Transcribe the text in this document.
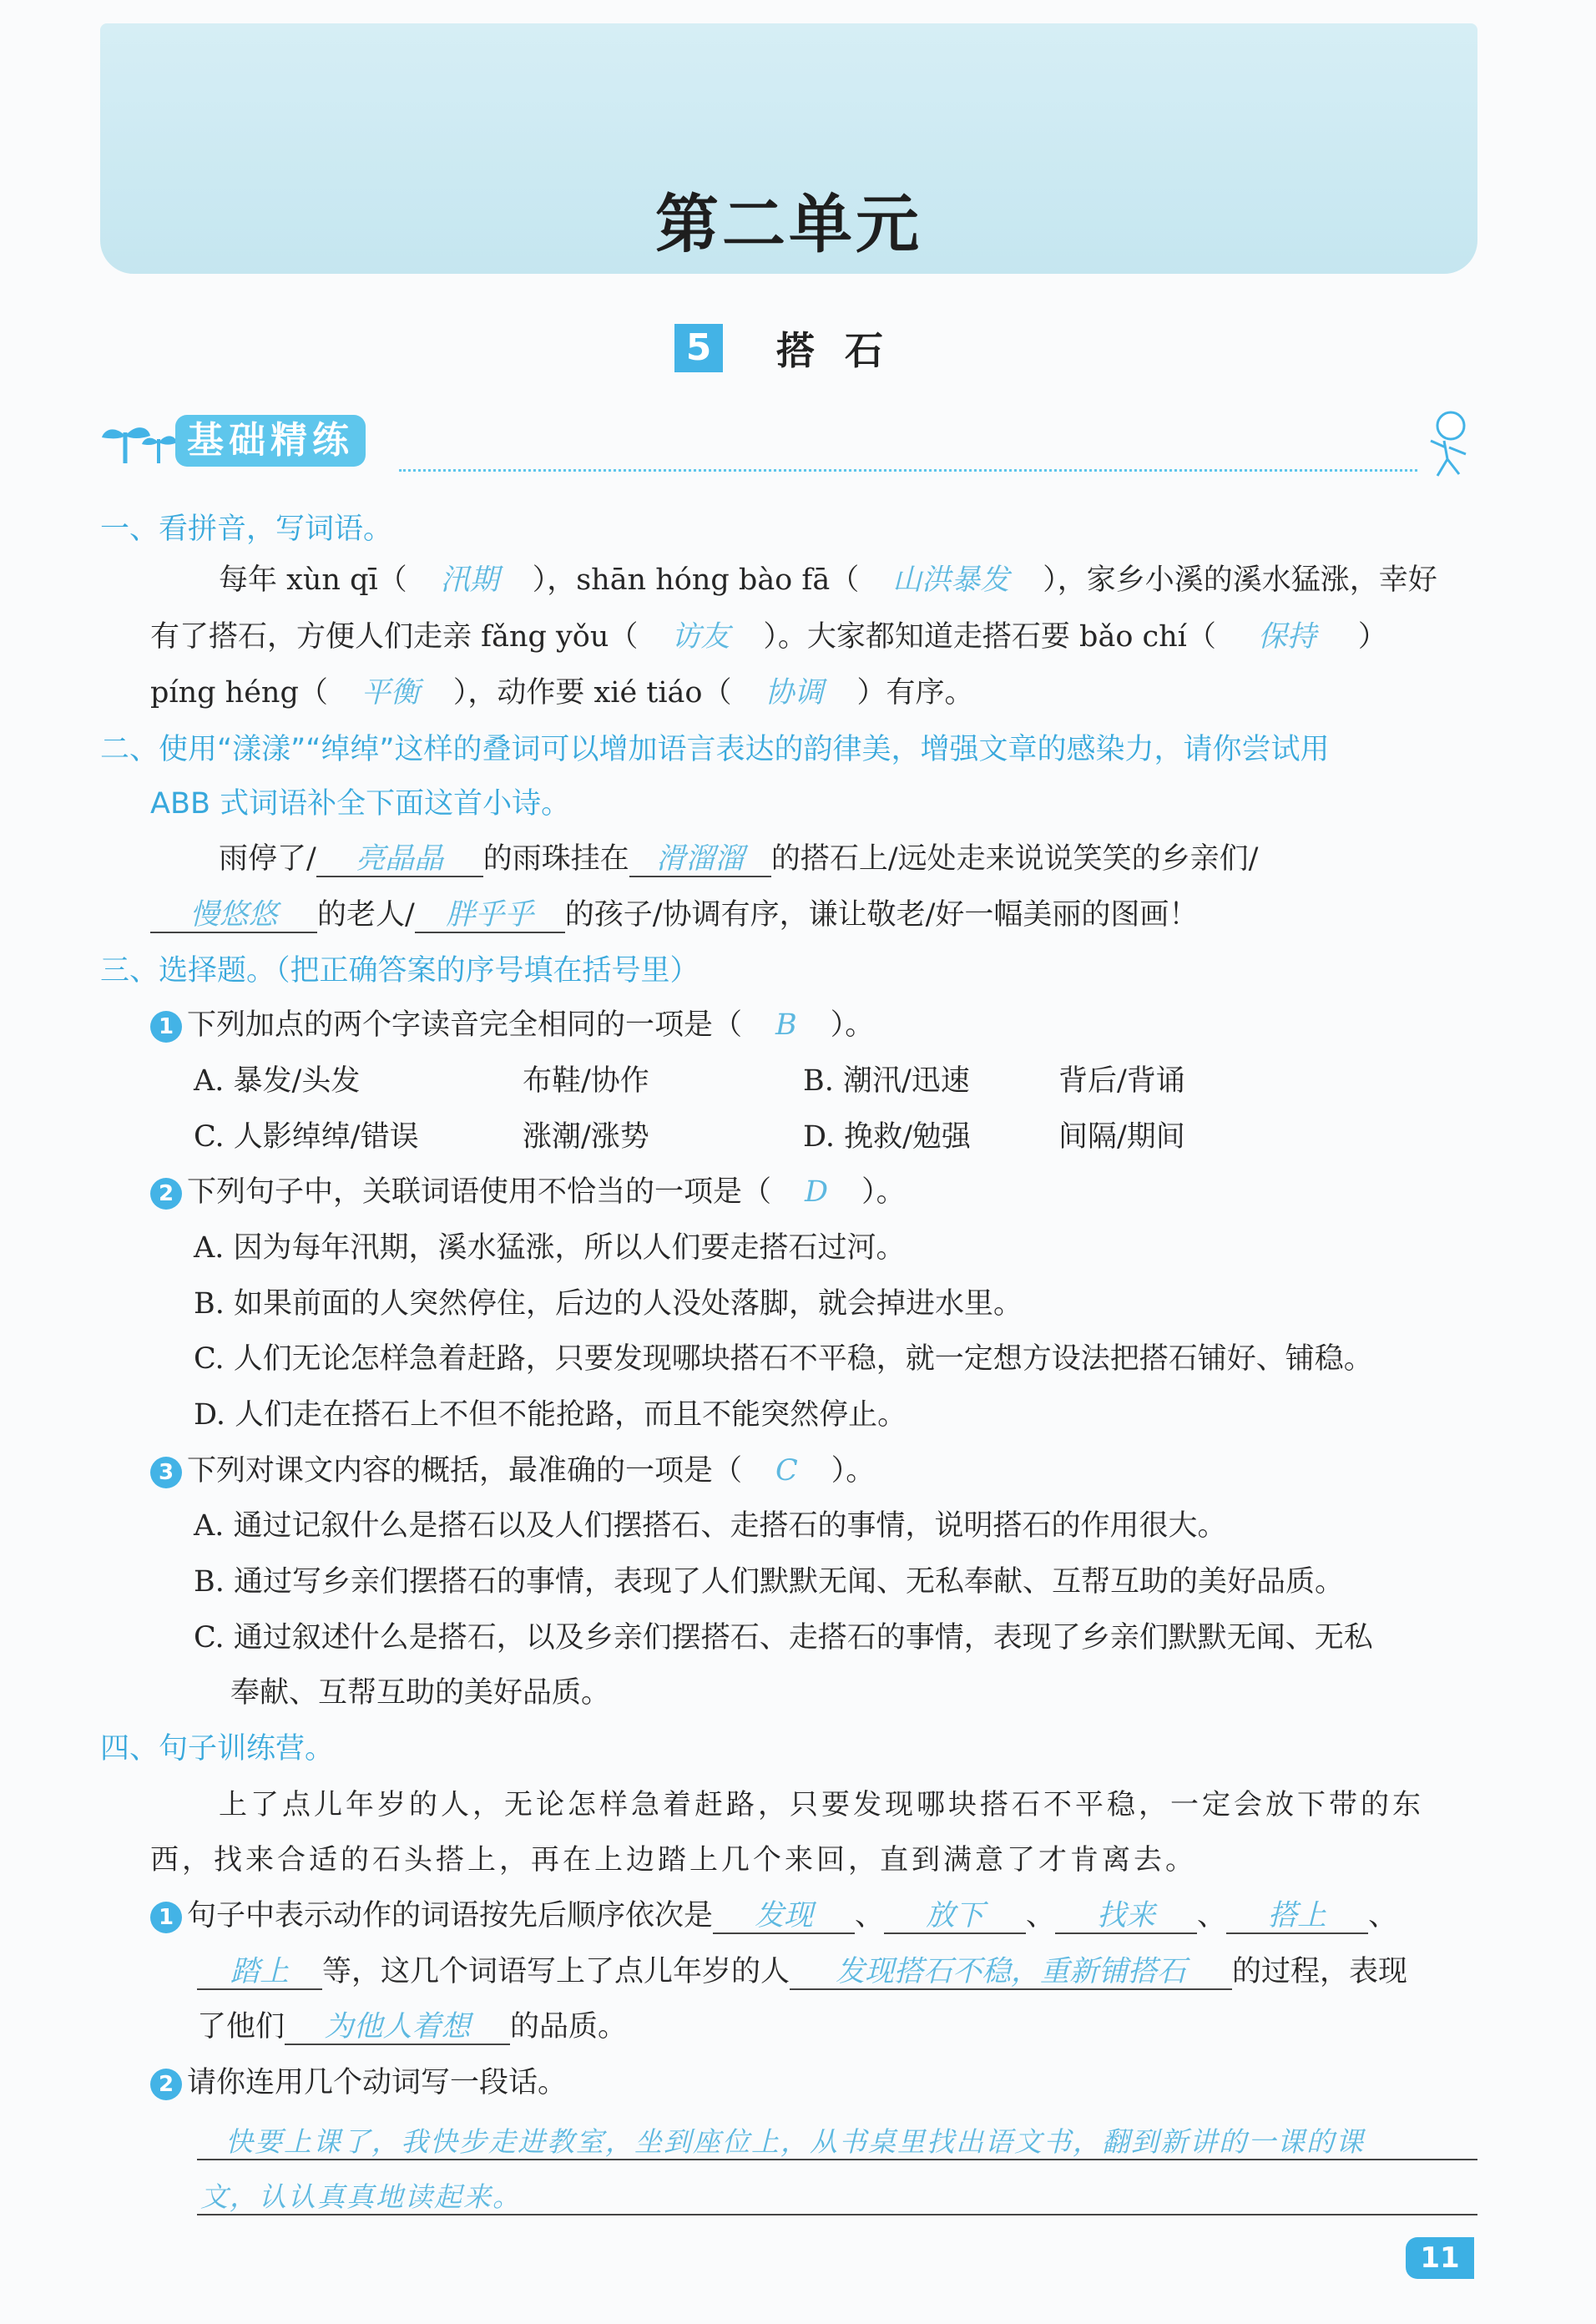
第二单元
5 搭石
基础精练
一、看拼音，写词语。
每年 xùn qī（ 汛期 ），shān hóng bào fā（ 山洪暴发 ），家乡小溪的溪水猛涨，幸好
有了搭石，方便人们走亲 fǎng yǒu（ 访友 ）。大家都知道走搭石要 bǎo chí（ 保持 ）
píng héng（ 平衡 ），动作要 xié tiáo（ 协调 ）有序。
二、使用“漾漾”“绰绰”这样的叠词可以增加语言表达的韵律美，增强文章的感染力，请你尝试用
ABB 式词语补全下面这首小诗。
雨停了/ 亮晶晶 的雨珠挂在 滑溜溜 的搭石上/远处走来说说笑笑的乡亲们/
慢悠悠 的老人/ 胖乎乎 的孩子/协调有序，谦让敬老/好一幅美丽的图画！
三、选择题。（把正确答案的序号填在括号里）
1 下列加点的两个字读音完全相同的一项是（ B ）。
A. 暴发/头发	布鞋/协作	B. 潮汛/迅速	背后/背诵
C. 人影绰绰/错误	涨潮/涨势	D. 挽救/勉强	间隔/期间
2 下列句子中，关联词语使用不恰当的一项是（ D ）。
A. 因为每年汛期，溪水猛涨，所以人们要走搭石过河。
B. 如果前面的人突然停住，后边的人没处落脚，就会掉进水里。
C. 人们无论怎样急着赶路，只要发现哪块搭石不平稳，就一定想方设法把搭石铺好、铺稳。
D. 人们走在搭石上不但不能抢路，而且不能突然停止。
3 下列对课文内容的概括，最准确的一项是（ C ）。
A. 通过记叙什么是搭石以及人们摆搭石、走搭石的事情，说明搭石的作用很大。
B. 通过写乡亲们摆搭石的事情，表现了人们默默无闻、无私奉献、互帮互助的美好品质。
C. 通过叙述什么是搭石，以及乡亲们摆搭石、走搭石的事情，表现了乡亲们默默无闻、无私
奉献、互帮互助的美好品质。
四、句子训练营。
上了点儿年岁的人，无论怎样急着赶路，只要发现哪块搭石不平稳，一定会放下带的东
西，找来合适的石头搭上，再在上边踏上几个来回，直到满意了才肯离去。
1 句子中表示动作的词语按先后顺序依次是 发现 、 放下 、 找来 、 搭上 、
踏上 等，这几个词语写上了点儿年岁的人 发现搭石不稳，重新铺搭石 的过程，表现
了他们 为他人着想 的品质。
2 请你连用几个动词写一段话。
快要上课了，我快步走进教室，坐到座位上，从书桌里找出语文书，翻到新讲的一课的课
文，认认真真地读起来。
11
